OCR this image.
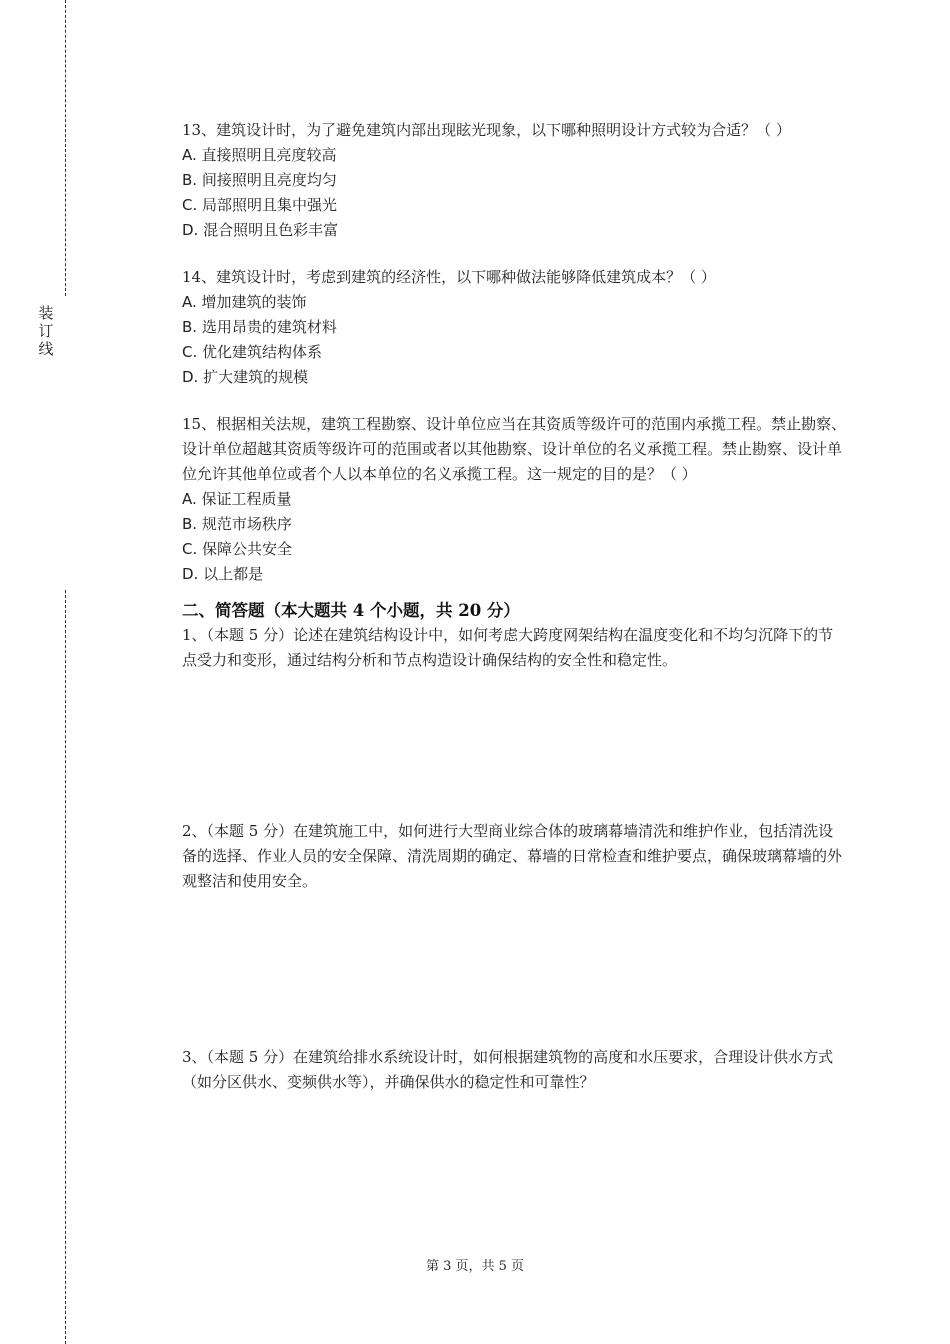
装
订
线

13、建筑设计时，为了避免建筑内部出现眩光现象，以下哪种照明设计方式较为合适？（ ）

A. 直接照明且亮度较高

B. 间接照明且亮度均匀

C. 局部照明且集中强光

D. 混合照明且色彩丰富

14、建筑设计时，考虑到建筑的经济性，以下哪种做法能够降低建筑成本？（ ）

A. 增加建筑的装饰

B. 选用昂贵的建筑材料

C. 优化建筑结构体系

D. 扩大建筑的规模

15、根据相关法规，建筑工程勘察、设计单位应当在其资质等级许可的范围内承揽工程。禁止勘察、设计单位超越其资质等级许可的范围或者以其他勘察、设计单位的名义承揽工程。禁止勘察、设计单位允许其他单位或者个人以本单位的名义承揽工程。这一规定的目的是？（ ）

A. 保证工程质量

B. 规范市场秩序

C. 保障公共安全

D. 以上都是

二、简答题（本大题共 4 个小题，共 20 分）

1、（本题 5 分）论述在建筑结构设计中，如何考虑大跨度网架结构在温度变化和不均匀沉降下的节点受力和变形，通过结构分析和节点构造设计确保结构的安全性和稳定性。

2、（本题 5 分）在建筑施工中，如何进行大型商业综合体的玻璃幕墙清洗和维护作业，包括清洗设备的选择、作业人员的安全保障、清洗周期的确定、幕墙的日常检查和维护要点，确保玻璃幕墙的外观整洁和使用安全。

3、（本题 5 分）在建筑给排水系统设计时，如何根据建筑物的高度和水压要求，合理设计供水方式（如分区供水、变频供水等），并确保供水的稳定性和可靠性？

第 3 页，共 5 页
